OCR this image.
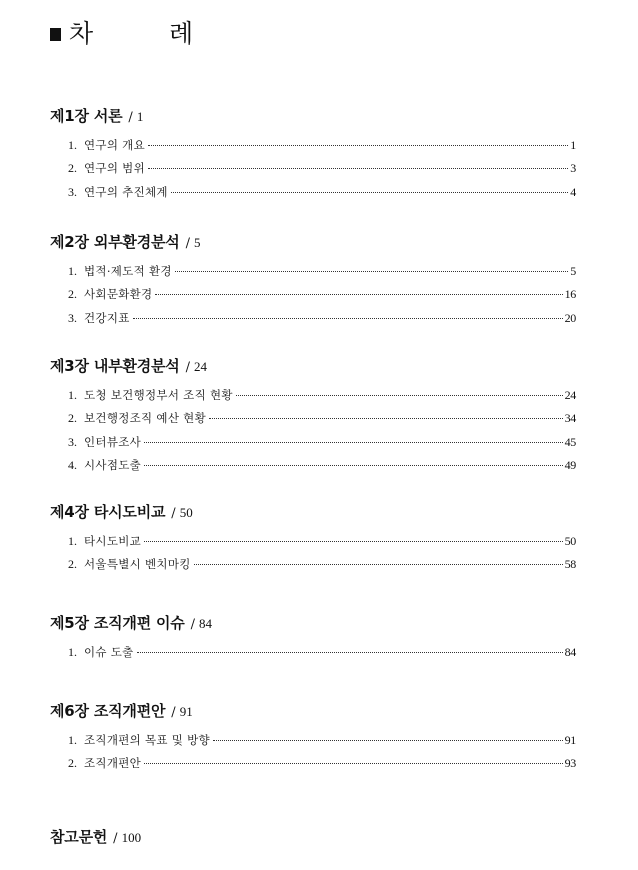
차  례
제1장 서론 / 1
1. 연구의 개요	1
2. 연구의 범위	3
3. 연구의 추진체계	4
제2장 외부환경분석 / 5
1. 법적·제도적 환경	5
2. 사회문화환경	16
3. 건강지표	20
제3장 내부환경분석 / 24
1. 도청 보건행정부서 조직 현황	24
2. 보건행정조직 예산 현황	34
3. 인터뷰조사	45
4. 시사점도출	49
제4장 타시도비교 / 50
1. 타시도비교	50
2. 서울특별시 벤치마킹	58
제5장 조직개편 이슈 / 84
1. 이슈 도출	84
제6장 조직개편안 / 91
1. 조직개편의 목표 및 방향	91
2. 조직개편안	93
참고문헌 / 100
